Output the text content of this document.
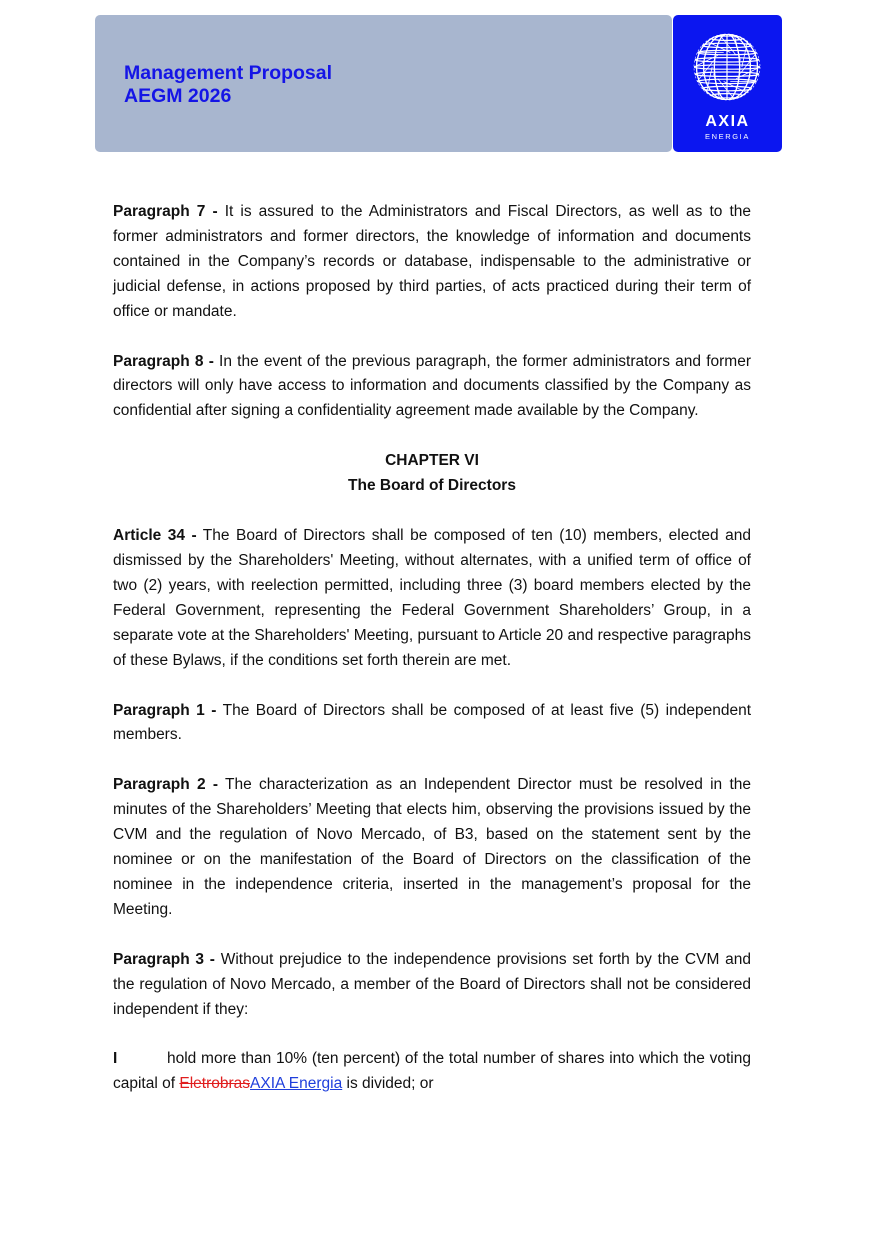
Management Proposal
AEGM 2026
AXIA
ENERGIA

Paragraph 7 - It is assured to the Administrators and Fiscal Directors, as well as to the former administrators and former directors, the knowledge of information and documents contained in the Company’s records or database, indispensable to the administrative or judicial defense, in actions proposed by third parties, of acts practiced during their term of office or mandate.

Paragraph 8 - In the event of the previous paragraph, the former administrators and former directors will only have access to information and documents classified by the Company as confidential after signing a confidentiality agreement made available by the Company.

CHAPTER VI

The Board of Directors

Article 34 - The Board of Directors shall be composed of ten (10) members, elected and dismissed by the Shareholders' Meeting, without alternates, with a unified term of office of two (2) years, with reelection permitted, including three (3) board members elected by the Federal Government, representing the Federal Government Shareholders’ Group, in a separate vote at the Shareholders' Meeting, pursuant to Article 20 and respective paragraphs of these Bylaws, if the conditions set forth therein are met.

Paragraph 1 - The Board of Directors shall be composed of at least five (5) independent members.

Paragraph 2 - The characterization as an Independent Director must be resolved in the minutes of the Shareholders’ Meeting that elects him, observing the provisions issued by the CVM and the regulation of Novo Mercado, of B3, based on the statement sent by the nominee or on the manifestation of the Board of Directors on the classification of the nominee in the independence criteria, inserted in the management’s proposal for the Meeting.

Paragraph 3 - Without prejudice to the independence provisions set forth by the CVM and the regulation of Novo Mercado, a member of the Board of Directors shall not be considered independent if they:

I	hold more than 10% (ten percent) of the total number of shares into which the voting capital of EletrobrasAXIA Energia is divided; or
